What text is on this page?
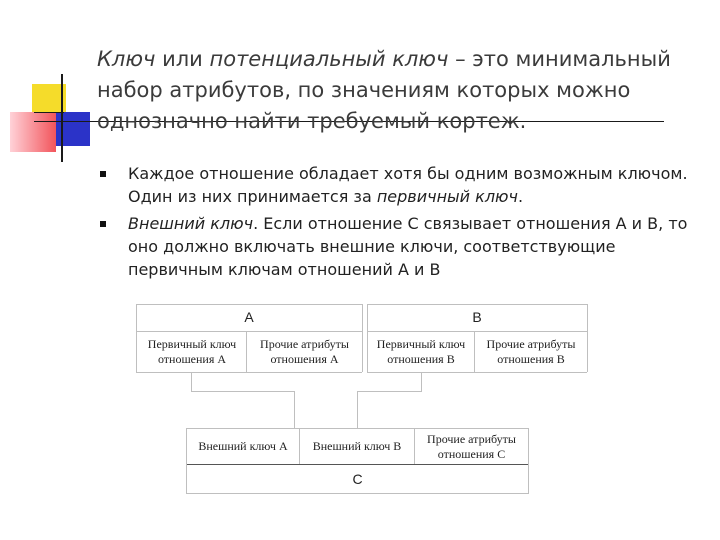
Ключ или потенциальный ключ – это минимальный набор атрибутов, по значениям которых можно однозначно найти требуемый кортеж.
Каждое отношение обладает хотя бы одним возможным ключом. Один из них принимается за первичный ключ.
Внешний ключ. Если отношение С связывает отношения А и В, то оно должно включать внешние ключи, соответствующие первичным ключам отношений А и В
A
Первичный ключ отношения А
Прочие атрибуты отношения А
B
Первичный ключ отношения В
Прочие атрибуты отношения В
Внешний ключ А	Внешний ключ В
Прочие атрибуты отношения С
C
